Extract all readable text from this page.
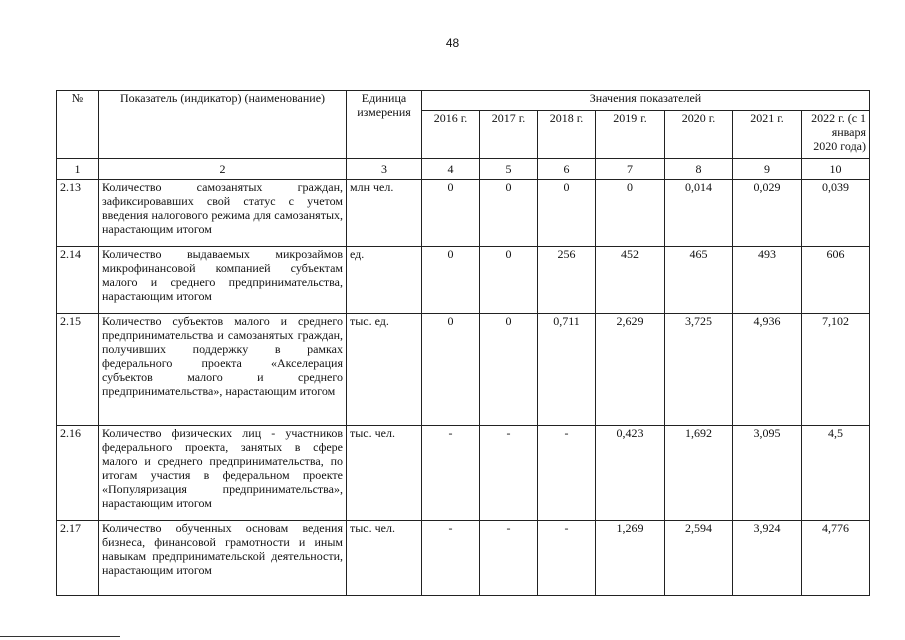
48
№	Показатель (индикатор) (наименование)	Единица измерения	Значения показателей						
			2016 г.	2017 г.	2018 г.	2019 г.	2020 г.	2021 г.	2022 г. (с 1 января 2020 года)
1	2	3	4	5	6	7	8	9	10
2.13	Количество самозанятых граждан, зафиксировавших свой статус с учетом введения налогового режима для самозанятых, нарастающим итогом	млн чел.	0	0	0	0	0,014	0,029	0,039
2.14	Количество выдаваемых микрозаймов микрофинансовой компанией субъектам малого и среднего предпринимательства, нарастающим итогом	ед.	0	0	256	452	465	493	606
2.15	Количество субъектов малого и среднего предпринимательства и самозанятых граждан, получивших поддержку в рамках федерального проекта «Акселерация субъектов малого и среднего предпринимательства», нарастающим итогом	тыс. ед.	0	0	0,711	2,629	3,725	4,936	7,102
2.16	Количество физических лиц - участников федерального проекта, занятых в сфере малого и среднего предпринимательства, по итогам участия в федеральном проекте «Популяризация предпринимательства», нарастающим итогом	тыс. чел.	-	-	-	0,423	1,692	3,095	4,5
2.17	Количество обученных основам ведения бизнеса, финансовой грамотности и иным навыкам предпринимательской деятельности, нарастающим итогом	тыс. чел.	-	-	-	1,269	2,594	3,924	4,776
